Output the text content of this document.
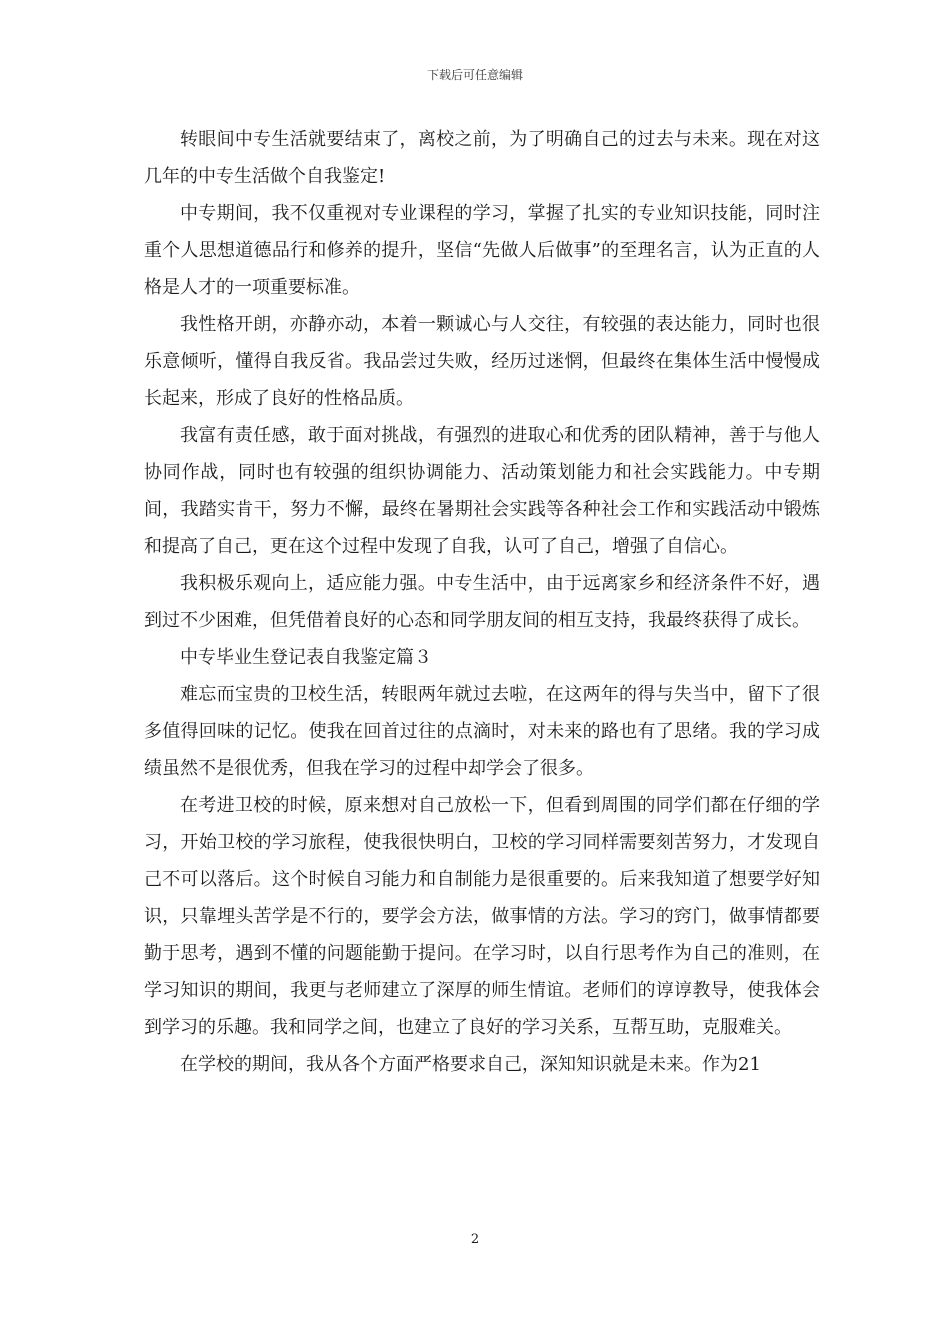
下载后可任意编辑

转眼间中专生活就要结束了，离校之前，为了明确自己的过去与未来。现在对这几年的中专生活做个自我鉴定!

中专期间，我不仅重视对专业课程的学习，掌握了扎实的专业知识技能，同时注重个人思想道德品行和修养的提升，坚信“先做人后做事”的至理名言，认为正直的人格是人才的一项重要标准。

我性格开朗，亦静亦动，本着一颗诚心与人交往，有较强的表达能力，同时也很乐意倾听，懂得自我反省。我品尝过失败，经历过迷惘，但最终在集体生活中慢慢成长起来，形成了良好的性格品质。

我富有责任感，敢于面对挑战，有强烈的进取心和优秀的团队精神，善于与他人协同作战，同时也有较强的组织协调能力、活动策划能力和社会实践能力。中专期间，我踏实肯干，努力不懈，最终在暑期社会实践等各种社会工作和实践活动中锻炼和提高了自己，更在这个过程中发现了自我，认可了自己，增强了自信心。

我积极乐观向上，适应能力强。中专生活中，由于远离家乡和经济条件不好，遇到过不少困难，但凭借着良好的心态和同学朋友间的相互支持，我最终获得了成长。

中专毕业生登记表自我鉴定篇３

难忘而宝贵的卫校生活，转眼两年就过去啦，在这两年的得与失当中，留下了很多值得回味的记忆。使我在回首过往的点滴时，对未来的路也有了思绪。我的学习成绩虽然不是很优秀，但我在学习的过程中却学会了很多。

在考进卫校的时候，原来想对自己放松一下，但看到周围的同学们都在仔细的学习，开始卫校的学习旅程，使我很快明白，卫校的学习同样需要刻苦努力，才发现自己不可以落后。这个时候自习能力和自制能力是很重要的。后来我知道了想要学好知识，只靠埋头苦学是不行的，要学会方法，做事情的方法。学习的窍门，做事情都要勤于思考，遇到不懂的问题能勤于提问。在学习时，以自行思考作为自己的准则，在学习知识的期间，我更与老师建立了深厚的师生情谊。老师们的谆谆教导，使我体会到学习的乐趣。我和同学之间，也建立了良好的学习关系，互帮互助，克服难关。

在学校的期间，我从各个方面严格要求自己，深知知识就是未来。作为21

2
